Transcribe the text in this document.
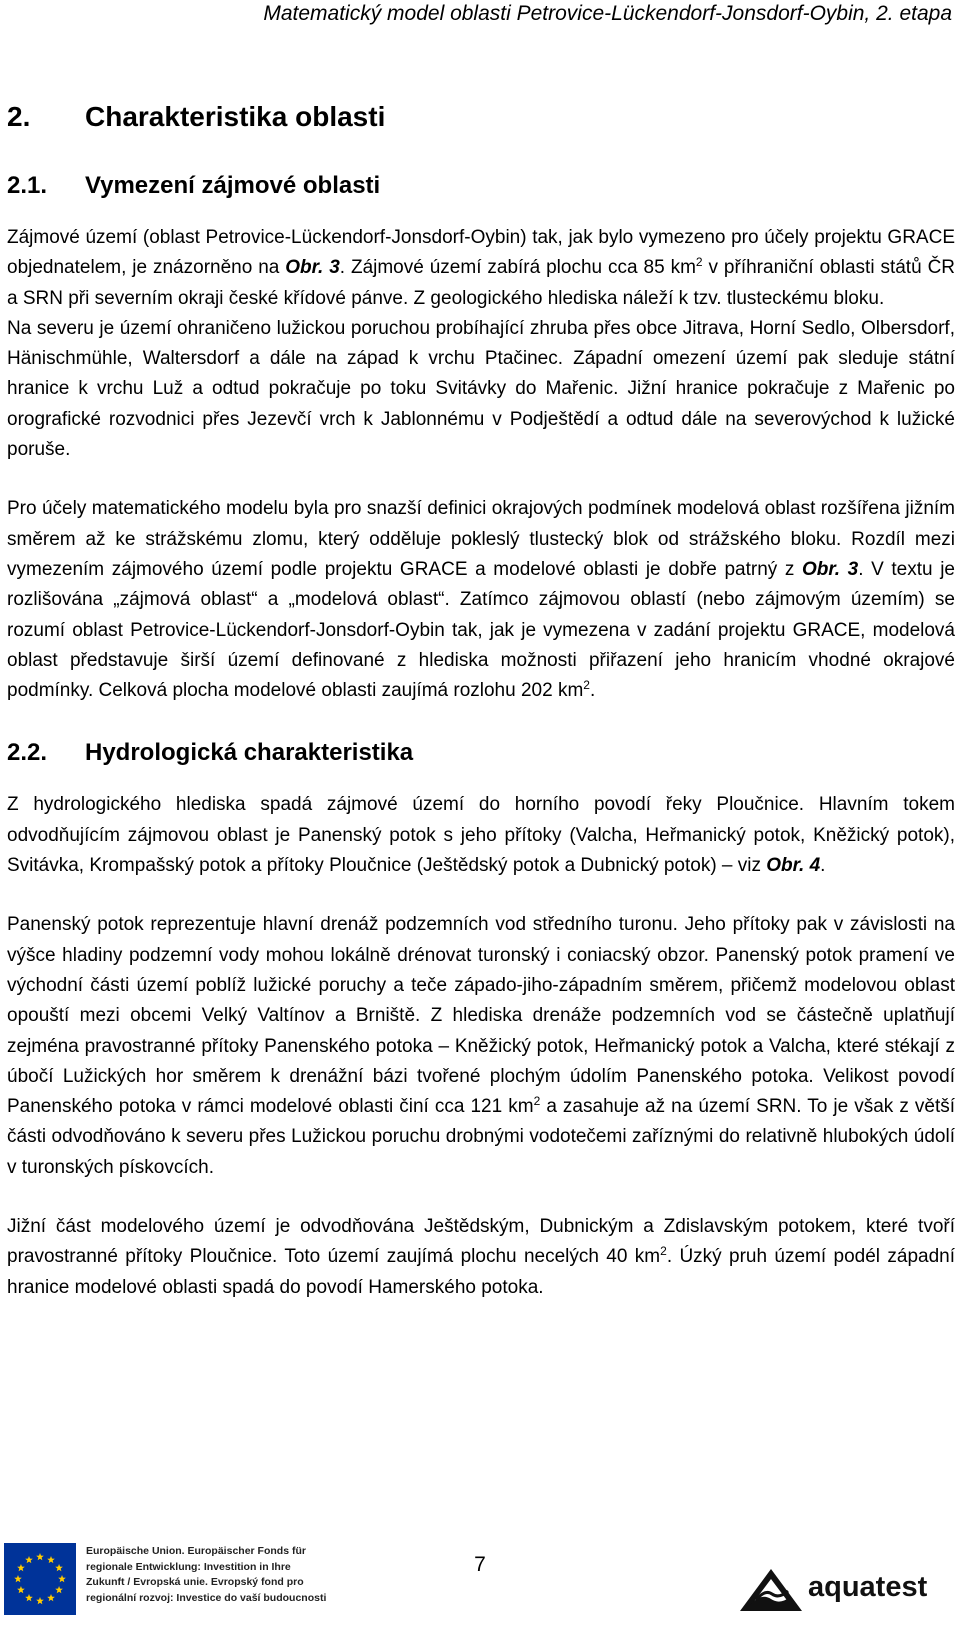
Matematický model oblasti Petrovice-Lückendorf-Jonsdorf-Oybin, 2. etapa
2. Charakteristika oblasti
2.1. Vymezení zájmové oblasti

Zájmové území (oblast Petrovice-Lückendorf-Jonsdorf-Oybin) tak, jak bylo vymezeno pro účely projektu GRACE objednatelem, je znázorněno na Obr. 3. Zájmové území zabírá plochu cca 85 $km^2$ v příhraniční oblasti států ČR a SRN při severním okraji české křídové pánve. Z geologického hlediska náleží k tzv. tlusteckému bloku.

Na severu je území ohraničeno lužickou poruchou probíhající zhruba přes obce Jitrava, Horní Sedlo, Olbersdorf, Hänischmühle, Waltersdorf a dále na západ k vrchu Ptačinec. Západní omezení území pak sleduje státní hranice k vrchu Luž a odtud pokračuje po toku Svitávky do Mařenic. Jižní hranice pokračuje z Mařenic po orografické rozvodnici přes Jezevčí vrch k Jablonnému v Podještědí a odtud dále na severovýchod k lužické poruše.

Pro účely matematického modelu byla pro snazší definici okrajových podmínek modelová oblast rozšířena jižním směrem až ke strážskému zlomu, který odděluje pokleslý tlustecký blok od strážského bloku. Rozdíl mezi vymezením zájmového území podle projektu GRACE a modelové oblasti je dobře patrný z Obr. 3. V textu je rozlišována „zájmová oblast“ a „modelová oblast“. Zatímco zájmovou oblastí (nebo zájmovým územím) se rozumí oblast Petrovice-Lückendorf-Jonsdorf-Oybin tak, jak je vymezena v zadání projektu GRACE, modelová oblast představuje širší území definované z hlediska možnosti přiřazení jeho hranicím vhodné okrajové podmínky. Celková plocha modelové oblasti zaujímá rozlohu 202 $km^2$.

2.2. Hydrologická charakteristika

Z hydrologického hlediska spadá zájmové území do horního povodí řeky Ploučnice. Hlavním tokem odvodňujícím zájmovou oblast je Panenský potok s jeho přítoky (Valcha, Heřmanický potok, Kněžický potok), Svitávka, Krompašský potok a přítoky Ploučnice (Ještědský potok a Dubnický potok) – viz Obr. 4.

Panenský potok reprezentuje hlavní drenáž podzemních vod středního turonu. Jeho přítoky pak v závislosti na výšce hladiny podzemní vody mohou lokálně drénovat turonský i coniacský obzor. Panenský potok pramení ve východní části území poblíž lužické poruchy a teče západo-jiho-západním směrem, přičemž modelovou oblast opouští mezi obcemi Velký Valtínov a Brniště. Z hlediska drenáže podzemních vod se částečně uplatňují zejména pravostranné přítoky Panenského potoka – Kněžický potok, Heřmanický potok a Valcha, které stékají z úbočí Lužických hor směrem k drenážní bázi tvořené plochým údolím Panenského potoka. Velikost povodí Panenského potoka v rámci modelové oblasti činí cca 121 $km^2$ a zasahuje až na území SRN. To je však z větší části odvodňováno k severu přes Lužickou poruchu drobnými vodotečemi zaříznými do relativně hlubokých údolí v turonských pískovcích.

Jižní část modelového území je odvodňována Ještědským, Dubnickým a Zdislavským potokem, které tvoří pravostranné přítoky Ploučnice. Toto území zaujímá plochu necelých 40 $km^2$. Úzký pruh území podél západní hranice modelové oblasti spadá do povodí Hamerského potoka.

Europäische Union. Europäischer Fonds für
regionale Entwicklung: Investition in Ihre
Zukunft / Evropská unie. Evropský fond pro
regionální rozvoj: Investice do vaší budoucnosti
7
aquatest
